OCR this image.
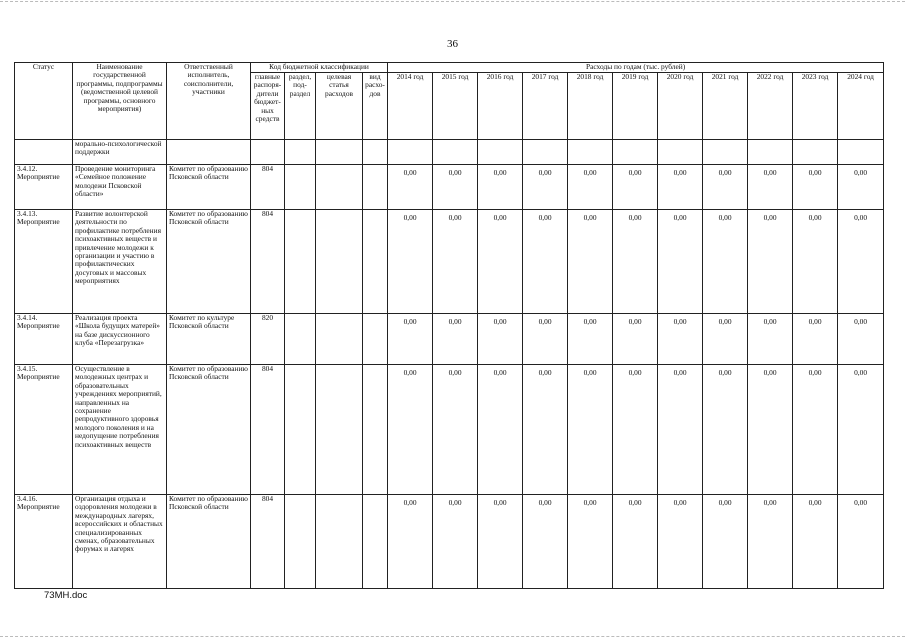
36
Статус	Наименование государственной программы, подпрограммы (ведомственной целевой программы, основного мероприятия)	Ответственный исполнитель, соисполнители, участники	Код бюджетной классификации				Расходы по годам (тыс. рублей)										
			главные распоря-дители бюджет-ных средств	раздел, под-раздел	целевая статья расходов	вид расхо-дов	2014 год	2015 год	2016 год	2017 год	2018 год	2019 год	2020 год	2021 год	2022 год	2023 год	2024 год
	морально-психологической поддержки																
3.4.12.
Мероприятие	Проведение мониторинга «Семейное положение молодежи Псковской области»	Комитет по образованию Псковской области	804				0,00	0,00	0,00	0,00	0,00	0,00	0,00	0,00	0,00	0,00	0,00
3.4.13.
Мероприятие	Развитие волонтерской деятельности по профилактике потребления психоактивных веществ и привлечение молодежи к организации и участию в профилактических досуговых и массовых мероприятиях	Комитет по образованию Псковской области	804				0,00	0,00	0,00	0,00	0,00	0,00	0,00	0,00	0,00	0,00	0,00
3.4.14.
Мероприятие	Реализация проекта «Школа будущих матерей» на базе дискуссионного клуба «Перезагрузка»	Комитет по культуре Псковской области	820				0,00	0,00	0,00	0,00	0,00	0,00	0,00	0,00	0,00	0,00	0,00
3.4.15.
Мероприятие	Осуществление в молодежных центрах и образовательных учреждениях мероприятий, направленных на сохранение репродуктивного здоровья молодого поколения и на недопущение потребления психоактивных веществ	Комитет по образованию Псковской области	804				0,00	0,00	0,00	0,00	0,00	0,00	0,00	0,00	0,00	0,00	0,00
3.4.16.
Мероприятие	Организация отдыха и оздоровления молодежи в международных лагерях, всероссийских и областных специализированных сменах, образовательных форумах и лагерях	Комитет по образованию Псковской области	804				0,00	0,00	0,00	0,00	0,00	0,00	0,00	0,00	0,00	0,00	0,00
73MH.doc
